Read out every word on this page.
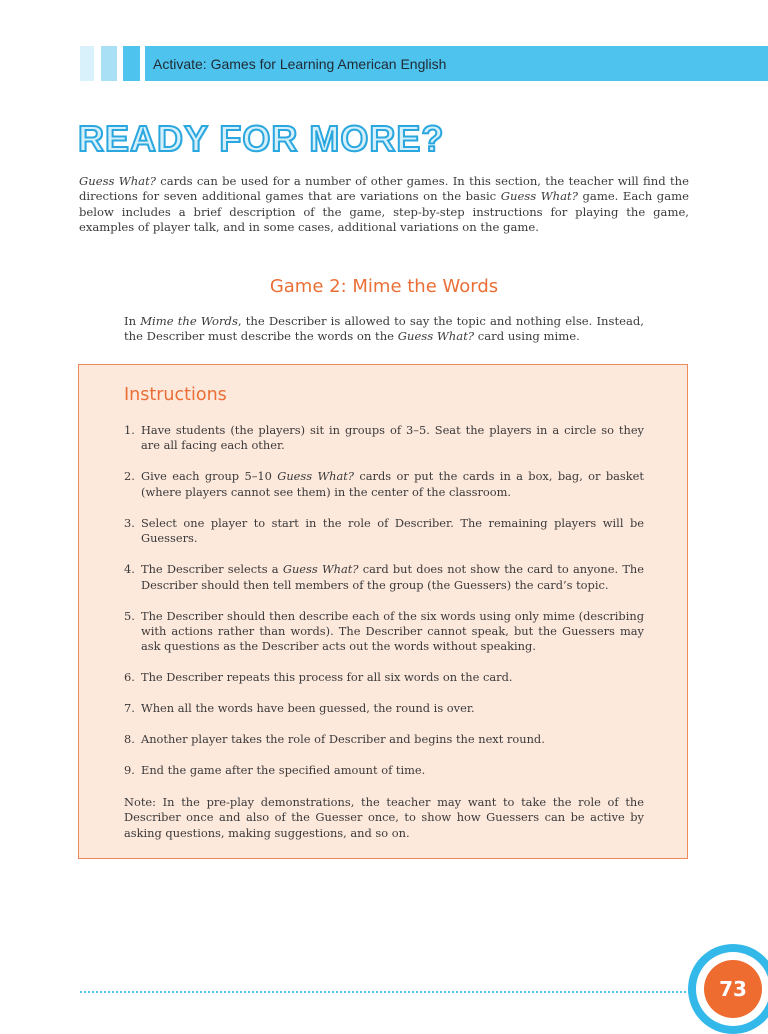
Activate: Games for Learning American English
READY FOR MORE?

Guess What? cards can be used for a number of other games. In this section, the teacher will find the directions for seven additional games that are variations on the basic Guess What? game. Each game below includes a brief description of the game, step-by-step instructions for playing the game, examples of player talk, and in some cases, additional variations on the game.

Game 2: Mime the Words

In Mime the Words, the Describer is allowed to say the topic and nothing else. Instead, the Describer must describe the words on the Guess What? card using mime.

Instructions
1. Have students (the players) sit in groups of 3–5. Seat the players in a circle so they are all facing each other.
2. Give each group 5–10 Guess What? cards or put the cards in a box, bag, or basket (where players cannot see them) in the center of the classroom.
3. Select one player to start in the role of Describer. The remaining players will be Guessers.
4. The Describer selects a Guess What? card but does not show the card to anyone. The Describer should then tell members of the group (the Guessers) the card’s topic.
5. The Describer should then describe each of the six words using only mime (describing with actions rather than words). The Describer cannot speak, but the Guessers may ask questions as the Describer acts out the words without speaking.
6. The Describer repeats this process for all six words on the card.
7. When all the words have been guessed, the round is over.
8. Another player takes the role of Describer and begins the next round.
9. End the game after the specified amount of time.

Note: In the pre-play demonstrations, the teacher may want to take the role of the Describer once and also of the Guesser once, to show how Guessers can be active by asking questions, making suggestions, and so on.

73
